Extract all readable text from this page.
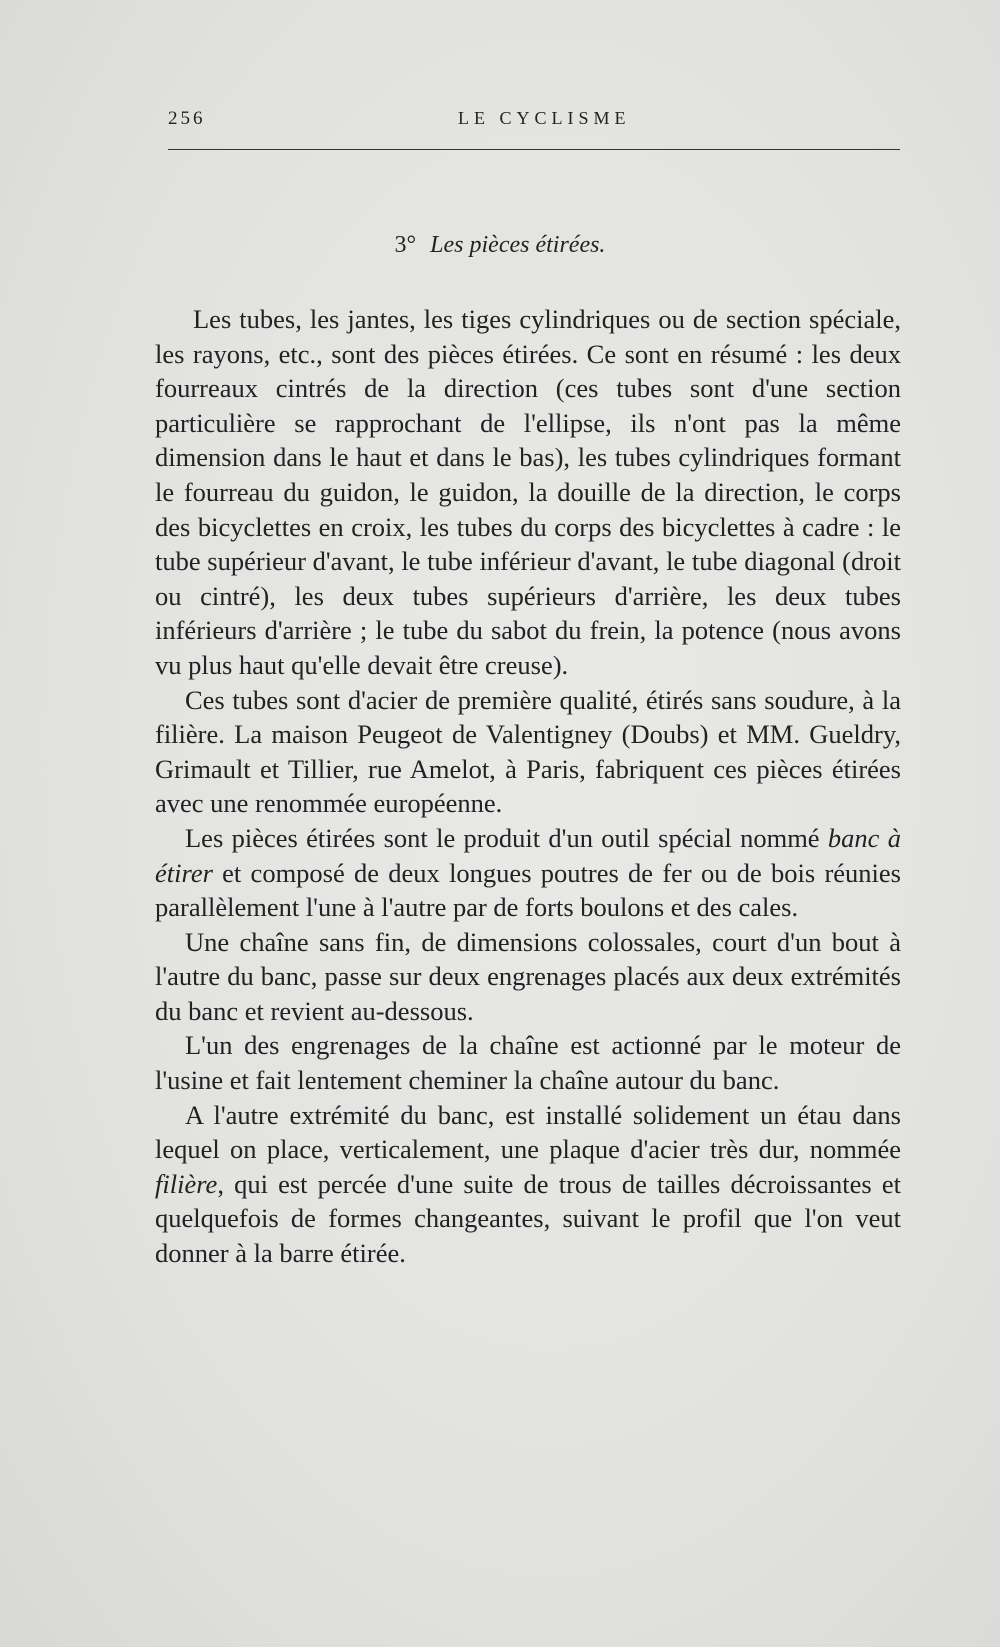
256	LE CYCLISME
3° Les pièces étirées.

Les tubes, les jantes, les tiges cylindriques ou de section spéciale, les rayons, etc., sont des pièces étirées. Ce sont en résumé : les deux fourreaux cintrés de la direction (ces tubes sont d'une section particulière se rapprochant de l'ellipse, ils n'ont pas la même dimension dans le haut et dans le bas), les tubes cylindriques formant le fourreau du guidon, le guidon, la douille de la direction, le corps des bicyclettes en croix, les tubes du corps des bicyclettes à cadre : le tube supérieur d'avant, le tube inférieur d'avant, le tube diagonal (droit ou cintré), les deux tubes supérieurs d'arrière, les deux tubes inférieurs d'arrière ; le tube du sabot du frein, la potence (nous avons vu plus haut qu'elle devait être creuse).

Ces tubes sont d'acier de première qualité, étirés sans soudure, à la filière. La maison Peugeot de Valentigney (Doubs) et MM. Gueldry, Grimault et Tillier, rue Amelot, à Paris, fabriquent ces pièces étirées avec une renommée européenne.

Les pièces étirées sont le produit d'un outil spécial nommé banc à étirer et composé de deux longues poutres de fer ou de bois réunies parallèlement l'une à l'autre par de forts boulons et des cales.

Une chaîne sans fin, de dimensions colossales, court d'un bout à l'autre du banc, passe sur deux engrenages placés aux deux extrémités du banc et revient au-dessous.

L'un des engrenages de la chaîne est actionné par le moteur de l'usine et fait lentement cheminer la chaîne autour du banc.

A l'autre extrémité du banc, est installé solidement un étau dans lequel on place, verticalement, une plaque d'acier très dur, nommée filière, qui est percée d'une suite de trous de tailles décroissantes et quelquefois de formes changeantes, suivant le profil que l'on veut donner à la barre étirée.
